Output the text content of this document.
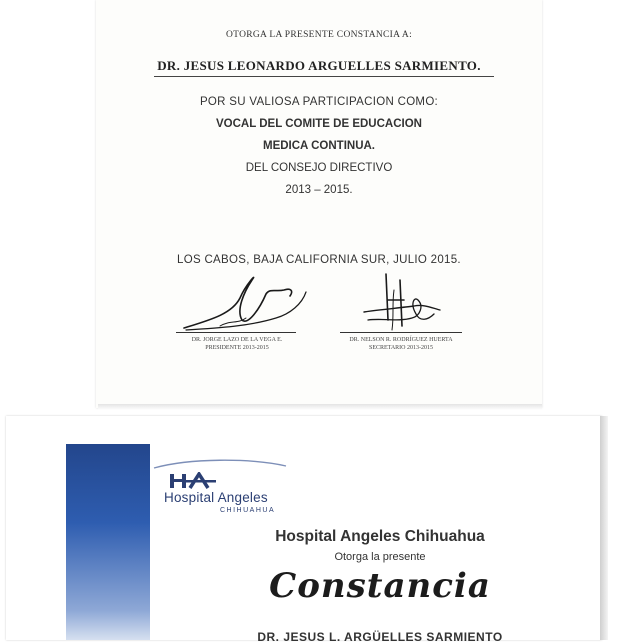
OTORGA LA PRESENTE CONSTANCIA A:
DR. JESUS LEONARDO ARGUELLES SARMIENTO.
POR SU VALIOSA PARTICIPACION COMO:
VOCAL DEL COMITE DE EDUCACION
MEDICA CONTINUA.
DEL CONSEJO DIRECTIVO
2013 – 2015.
LOS CABOS, BAJA CALIFORNIA SUR, JULIO 2015.
DR. JORGE LAZO DE LA VEGA E.
PRESIDENTE 2013-2015
DR. NELSON R. RODRÍGUEZ HUERTA
SECRETARIO 2013-2015
Hospital Angeles
CHIHUAHUA
Hospital Angeles Chihuahua
Otorga la presente
Constancia
DR. JESUS L. ARGÜELLES SARMIENTO
